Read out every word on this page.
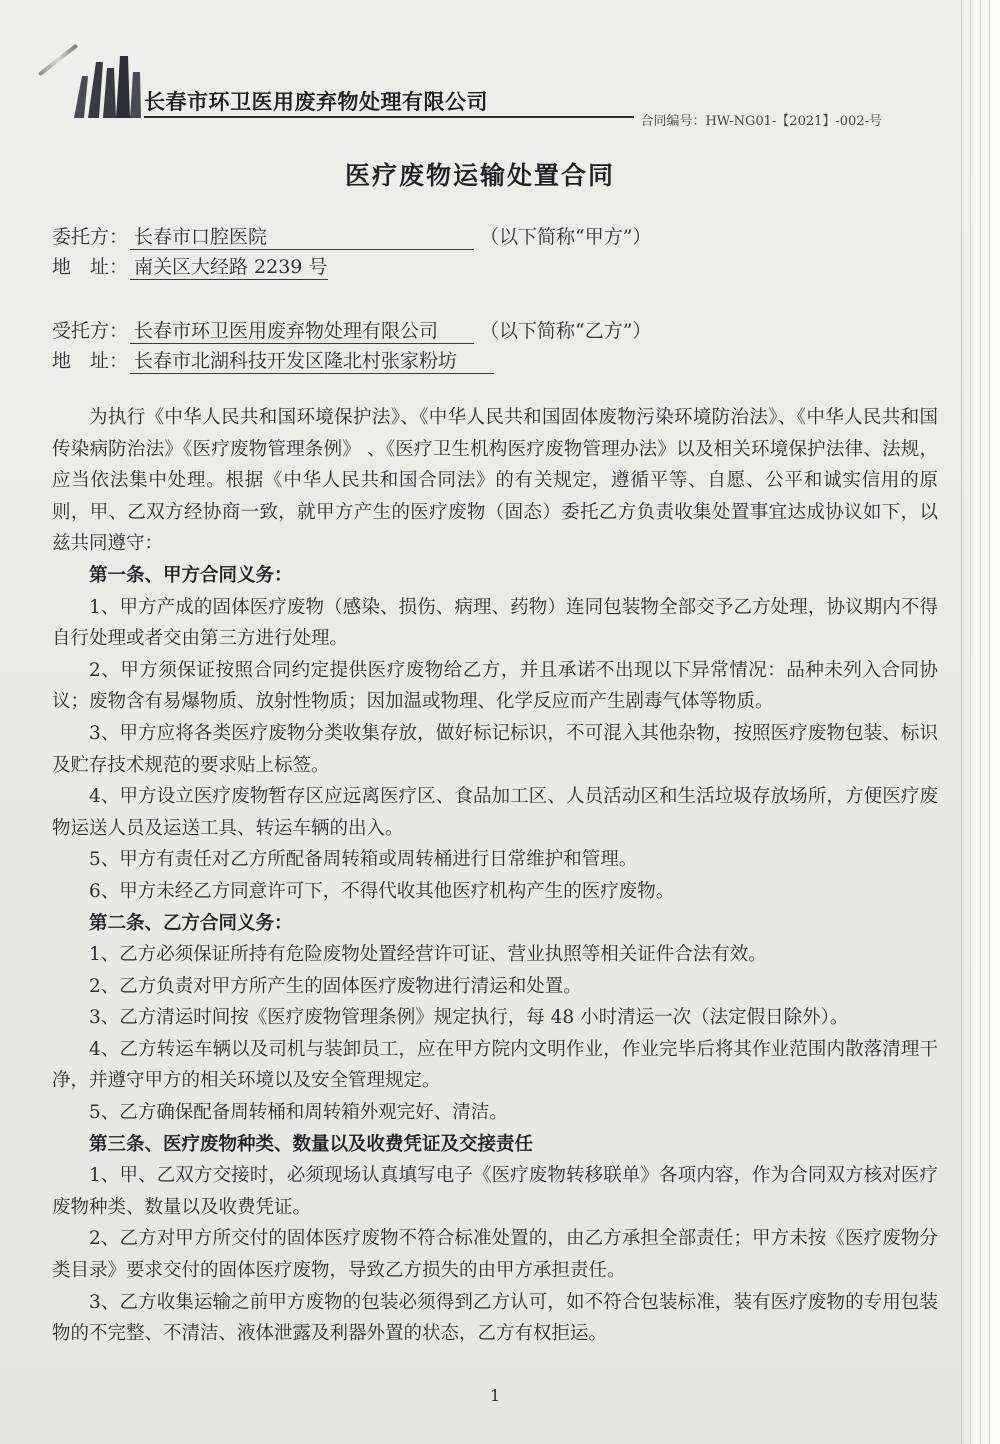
长春市环卫医用废弃物处理有限公司
合同编号：HW-NG01-【2021】-002-号
医疗废物运输处置合同
委托方： 长春市口腔医院	（以下简称“甲方”）
地　址： 南关区大经路 2239 号
受托方： 长春市环卫医用废弃物处理有限公司 （以下简称“乙方”）
地　址： 长春市北湖科技开发区隆北村张家粉坊

为执行《中华人民共和国环境保护法》、《中华人民共和国固体废物污染环境防治法》、《中华人民共和国传染病防治法》《医疗废物管理条例》 、《医疗卫生机构医疗废物管理办法》以及相关环境保护法律、法规，应当依法集中处理。根据《中华人民共和国合同法》的有关规定，遵循平等、自愿、公平和诚实信用的原则，甲、乙双方经协商一致，就甲方产生的医疗废物（固态）委托乙方负责收集处置事宜达成协议如下，以兹共同遵守：

第一条、甲方合同义务：

1、甲方产成的固体医疗废物（感染、损伤、病理、药物）连同包装物全部交予乙方处理，协议期内不得自行处理或者交由第三方进行处理。

2、甲方须保证按照合同约定提供医疗废物给乙方，并且承诺不出现以下异常情况：品种未列入合同协议；废物含有易爆物质、放射性物质；因加温或物理、化学反应而产生剧毒气体等物质。

3、甲方应将各类医疗废物分类收集存放，做好标记标识，不可混入其他杂物，按照医疗废物包装、标识及贮存技术规范的要求贴上标签。

4、甲方设立医疗废物暂存区应远离医疗区、食品加工区、人员活动区和生活垃圾存放场所，方便医疗废物运送人员及运送工具、转运车辆的出入。

5、甲方有责任对乙方所配备周转箱或周转桶进行日常维护和管理。

6、甲方未经乙方同意许可下，不得代收其他医疗机构产生的医疗废物。

第二条、乙方合同义务：

1、乙方必须保证所持有危险废物处置经营许可证、营业执照等相关证件合法有效。

2、乙方负责对甲方所产生的固体医疗废物进行清运和处置。

3、乙方清运时间按《医疗废物管理条例》规定执行，每 48 小时清运一次（法定假日除外）。

4、乙方转运车辆以及司机与装卸员工，应在甲方院内文明作业，作业完毕后将其作业范围内散落清理干净，并遵守甲方的相关环境以及安全管理规定。

5、乙方确保配备周转桶和周转箱外观完好、清洁。

第三条、医疗废物种类、数量以及收费凭证及交接责任

1、甲、乙双方交接时，必须现场认真填写电子《医疗废物转移联单》各项内容，作为合同双方核对医疗废物种类、数量以及收费凭证。

2、乙方对甲方所交付的固体医疗废物不符合标准处置的，由乙方承担全部责任；甲方未按《医疗废物分类目录》要求交付的固体医疗废物，导致乙方损失的由甲方承担责任。

3、乙方收集运输之前甲方废物的包装必须得到乙方认可，如不符合包装标准，装有医疗废物的专用包装物的不完整、不清洁、液体泄露及利器外置的状态，乙方有权拒运。

1
